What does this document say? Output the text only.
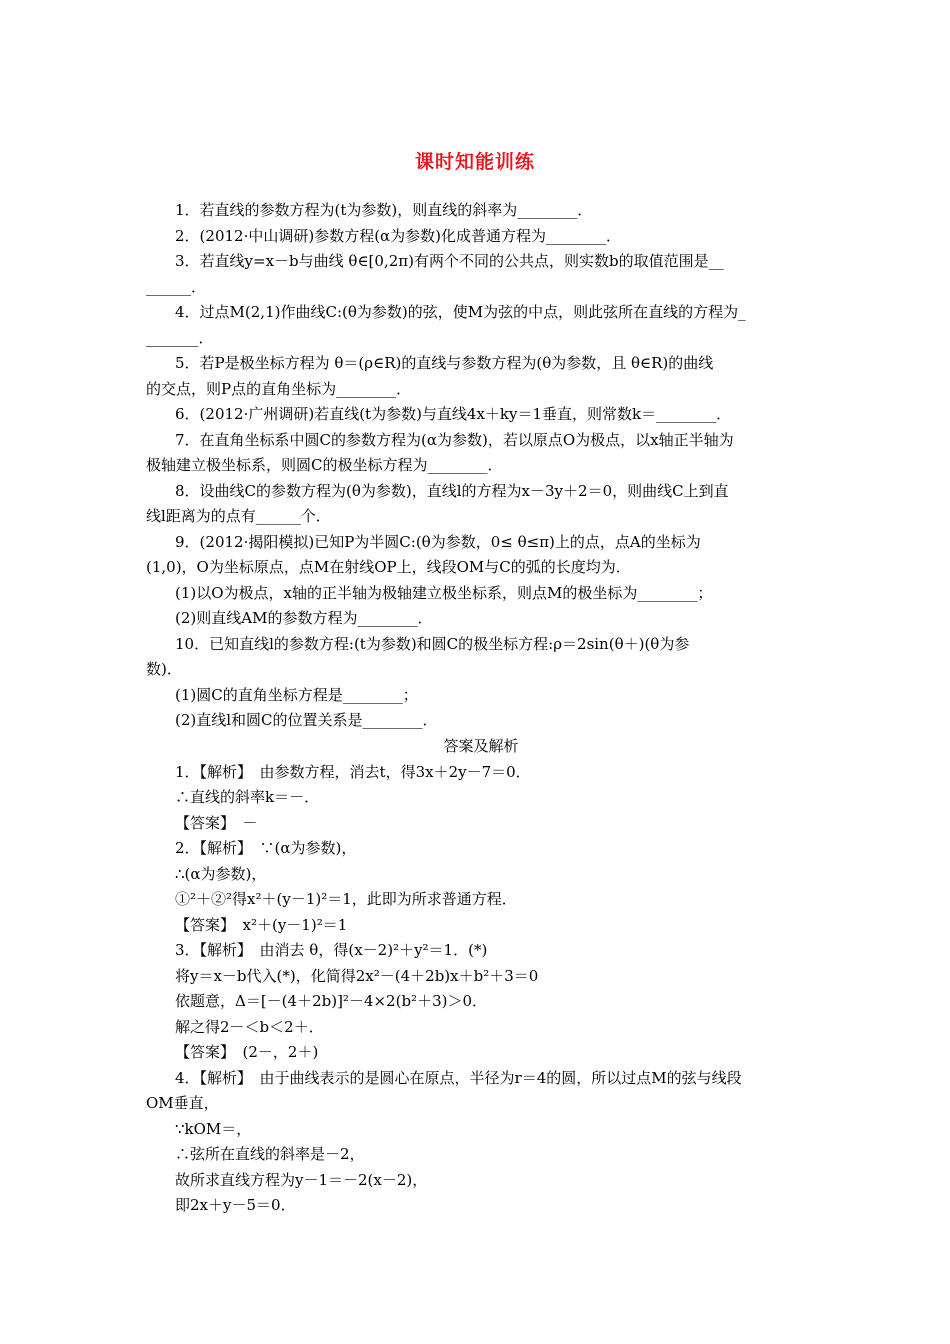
课时知能训练
1．若直线的参数方程为(t为参数)，则直线的斜率为________．
2．(2012·中山调研)参数方程(α为参数)化成普通方程为________．
3．若直线y=x－b与曲线 θ∈[0,2π)有两个不同的公共点，则实数b的取值范围是__
______．
4．过点M(2,1)作曲线C:(θ为参数)的弦，使M为弦的中点，则此弦所在直线的方程为_
_______．
5．若P是极坐标方程为 θ＝(ρ∈R)的直线与参数方程为(θ为参数，且 θ∈R)的曲线
的交点，则P点的直角坐标为________．
6．(2012·广州调研)若直线(t为参数)与直线4x＋ky＝1垂直，则常数k＝________．
7．在直角坐标系中圆C的参数方程为(α为参数)，若以原点O为极点，以x轴正半轴为
极轴建立极坐标系，则圆C的极坐标方程为________．
8．设曲线C的参数方程为(θ为参数)，直线l的方程为x－3y＋2＝0，则曲线C上到直
线l距离为的点有______个．
9．(2012·揭阳模拟)已知P为半圆C:(θ为参数，0≤ θ≤π)上的点，点A的坐标为
(1,0)，O为坐标原点，点M在射线OP上，线段OM与C的弧的长度均为．
(1)以O为极点，x轴的正半轴为极轴建立极坐标系，则点M的极坐标为________；
(2)则直线AM的参数方程为________．
10．已知直线l的参数方程:(t为参数)和圆C的极坐标方程:ρ＝2sin(θ＋)(θ为参
数)．
(1)圆C的直角坐标方程是________；
(2)直线l和圆C的位置关系是________．
答案及解析
1．【解析】　由参数方程，消去t，得3x＋2y－7＝0．
∴直线的斜率k＝－．
【答案】　－
2．【解析】　∵(α为参数)，
∴(α为参数)，
①²＋②²得x²＋(y－1)²＝1，此即为所求普通方程．
【答案】　x²＋(y－1)²＝1
3．【解析】　由消去 θ，得(x－2)²＋y²＝1．(*)
将y＝x－b代入(*)，化简得2x²－(4＋2b)x＋b²＋3＝0
依题意，Δ＝[－(4＋2b)]²－4×2(b²＋3)＞0．
解之得2－＜b＜2＋．
【答案】　(2－，2＋)
4．【解析】　由于曲线表示的是圆心在原点，半径为r＝4的圆，所以过点M的弦与线段
OM垂直，
∵kOM＝，
∴弦所在直线的斜率是－2，
故所求直线方程为y－1＝－2(x－2)，
即2x＋y－5＝0．
